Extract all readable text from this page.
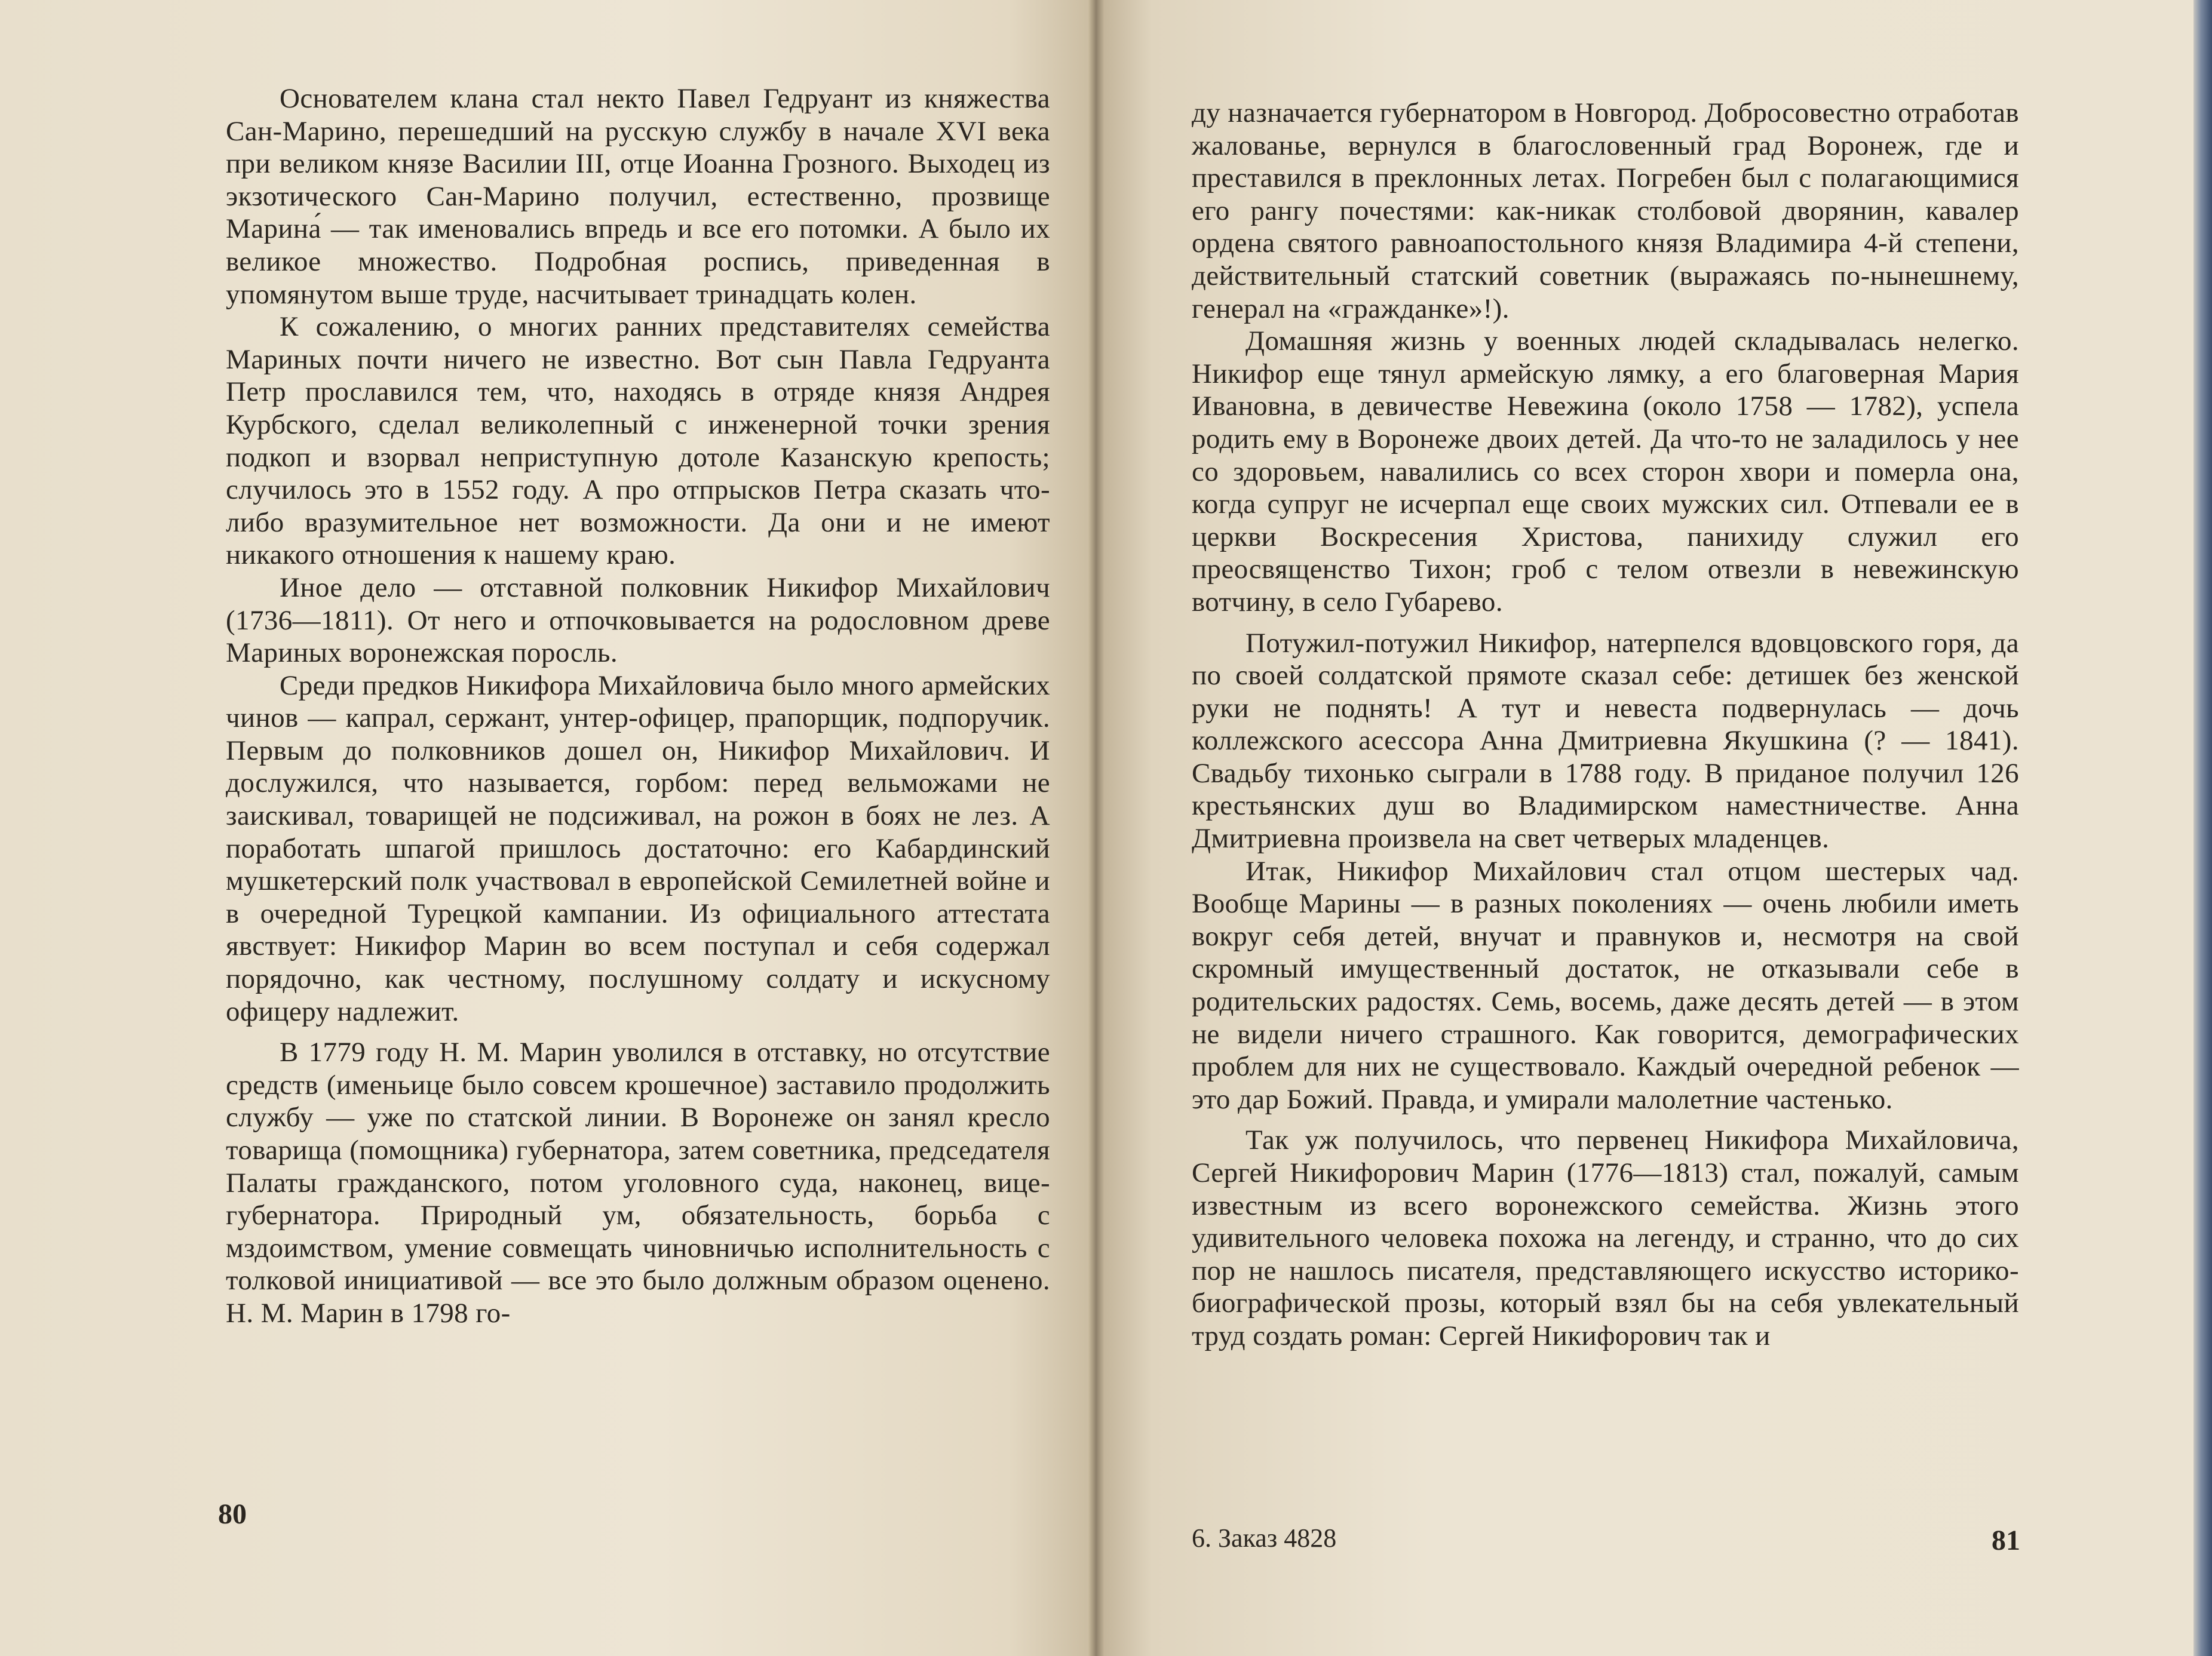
Основателем клана стал некто Павел Гедруант из княжества Сан-Марино, перешедший на русскую службу в начале XVI века при великом князе Василии III, отце Иоанна Грозного. Выходец из экзотического Сан-Марино получил, естественно, прозвище Марина́ — так именовались впредь и все его потомки. А было их великое множество. Подробная роспись, приведенная в упомянутом выше труде, насчитывает тринадцать колен.

К сожалению, о многих ранних представителях семейства Мариных почти ничего не известно. Вот сын Павла Гедруанта Петр прославился тем, что, находясь в отряде князя Андрея Курбского, сделал великолепный с инженерной точки зрения подкоп и взорвал неприступную дотоле Казанскую крепость; случилось это в 1552 году. А про отпрысков Петра сказать что-либо вразумительное нет возможности. Да они и не имеют никакого отношения к нашему краю.

Иное дело — отставной полковник Никифор Михайлович (1736—1811). От него и отпочковывается на родословном древе Мариных воронежская поросль.

Среди предков Никифора Михайловича было много армейских чинов — капрал, сержант, унтер-офицер, прапорщик, подпоручик. Первым до полковников дошел он, Никифор Михайлович. И дослужился, что называется, горбом: перед вельможами не заискивал, товарищей не подсиживал, на рожон в боях не лез. А поработать шпагой пришлось достаточно: его Кабардинский мушкетерский полк участвовал в европейской Семилетней войне и в очередной Турецкой кампании. Из официального аттестата явствует: Никифор Марин во всем поступал и себя содержал порядочно, как честному, послушному солдату и искусному офицеру надлежит.

В 1779 году Н. М. Марин уволился в отставку, но отсутствие средств (именьице было совсем крошечное) заставило продолжить службу — уже по статской линии. В Воронеже он занял кресло товарища (помощника) губернатора, затем советника, председателя Палаты гражданского, потом уголовного суда, наконец, вице-губернатора. Природный ум, обязательность, борьба с мздоимством, умение совмещать чиновничью исполнительность с толковой инициативой — все это было должным образом оценено. Н. М. Марин в 1798 го-

80

ду назначается губернатором в Новгород. Добросовестно отработав жалованье, вернулся в благословенный град Воронеж, где и преставился в преклонных летах. Погребен был с полагающимися его рангу почестями: как-никак столбовой дворянин, кавалер ордена святого равноапостольного князя Владимира 4-й степени, действительный статский советник (выражаясь по-нынешнему, генерал на «гражданке»!).

Домашняя жизнь у военных людей складывалась нелегко. Никифор еще тянул армейскую лямку, а его благоверная Мария Ивановна, в девичестве Невежина (около 1758 — 1782), успела родить ему в Воронеже двоих детей. Да что-то не заладилось у нее со здоровьем, навалились со всех сторон хвори и померла она, когда супруг не исчерпал еще своих мужских сил. Отпевали ее в церкви Воскресения Христова, панихиду служил его преосвященство Тихон; гроб с телом отвезли в невежинскую вотчину, в село Губарево.

Потужил-потужил Никифор, натерпелся вдовцовского горя, да по своей солдатской прямоте сказал себе: детишек без женской руки не поднять! А тут и невеста подвернулась — дочь коллежского асессора Анна Дмитриевна Якушкина (? — 1841). Свадьбу тихонько сыграли в 1788 году. В приданое получил 126 крестьянских душ во Владимирском наместничестве. Анна Дмитриевна произвела на свет четверых младенцев.

Итак, Никифор Михайлович стал отцом шестерых чад. Вообще Марины — в разных поколениях — очень любили иметь вокруг себя детей, внучат и правнуков и, несмотря на свой скромный имущественный достаток, не отказывали себе в родительских радостях. Семь, восемь, даже десять детей — в этом не видели ничего страшного. Как говорится, демографических проблем для них не существовало. Каждый очередной ребенок — это дар Божий. Правда, и умирали малолетние частенько.

Так уж получилось, что первенец Никифора Михайловича, Сергей Никифорович Марин (1776—1813) стал, пожалуй, самым известным из всего воронежского семейства. Жизнь этого удивительного человека похожа на легенду, и странно, что до сих пор не нашлось писателя, представляющего искусство историко-биографической прозы, который взял бы на себя увлекательный труд создать роман: Сергей Никифорович так и

6. Заказ 4828	81
